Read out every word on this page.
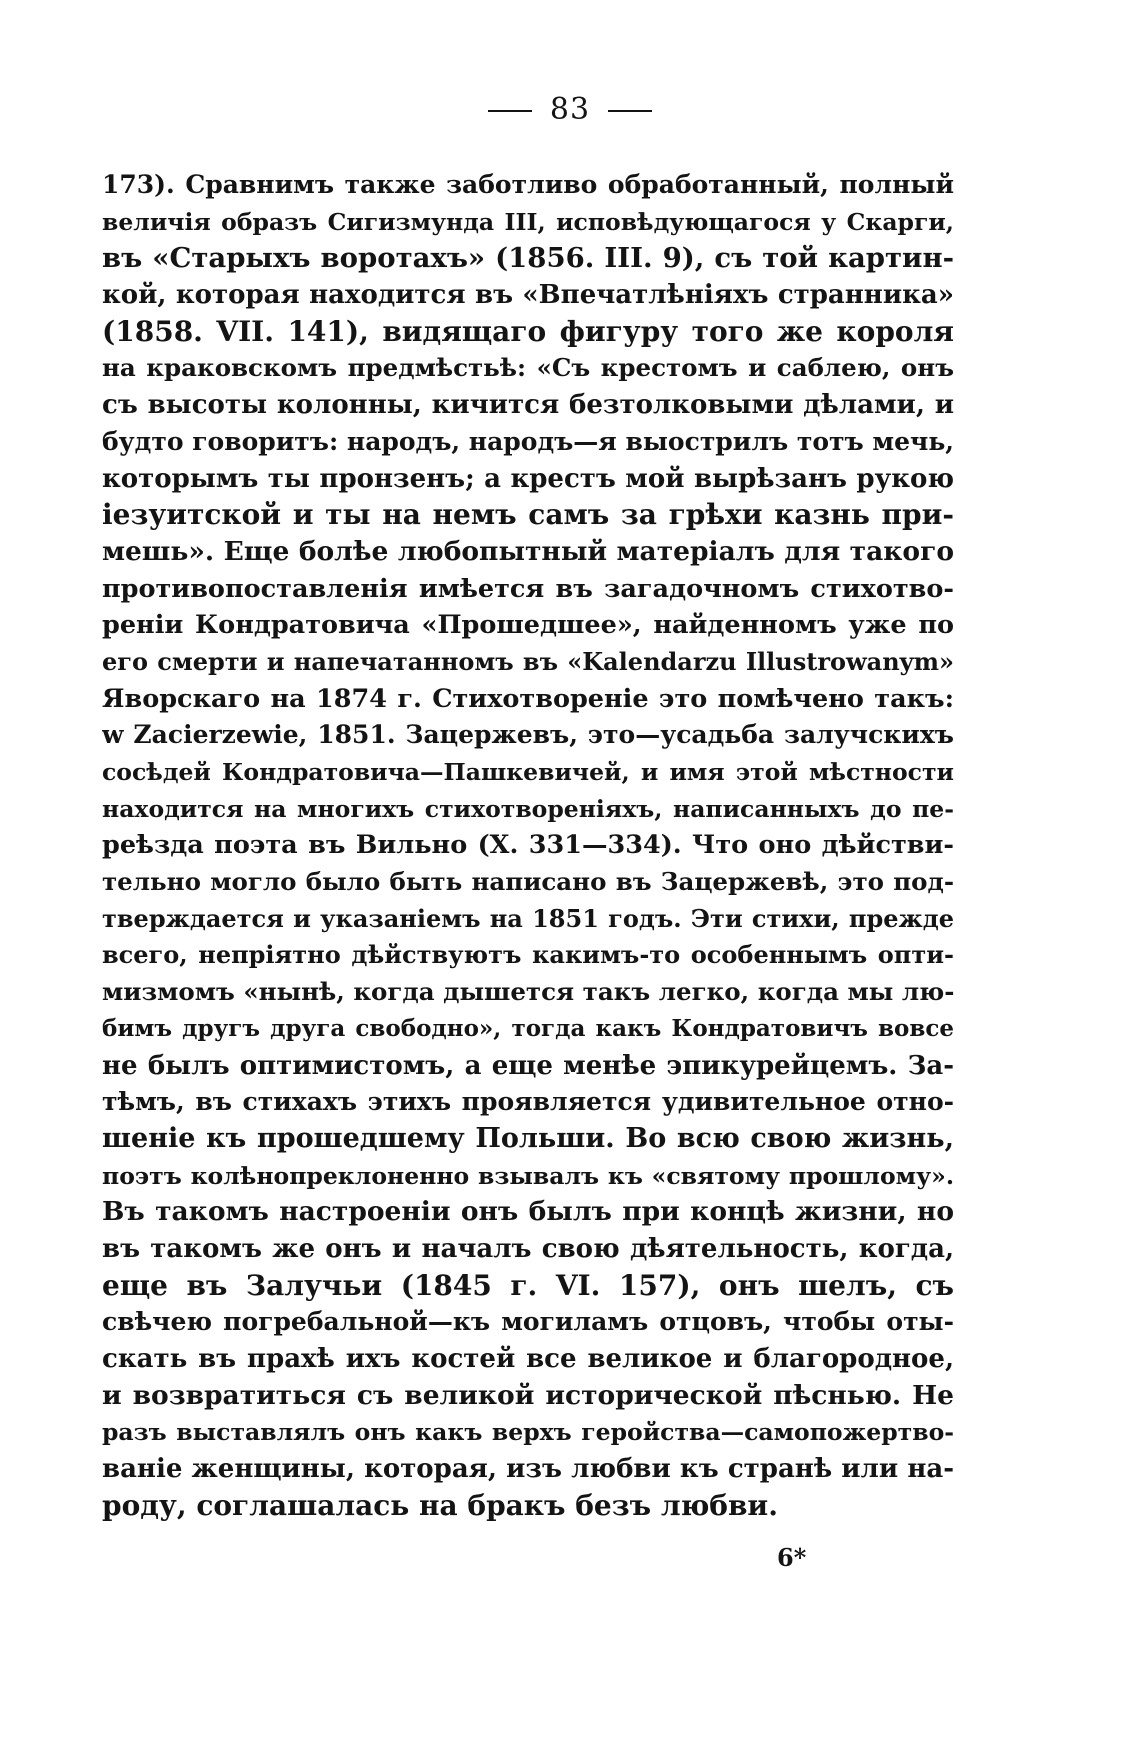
83
173). Сравнимъ также заботливо обработанный, полный
величія образъ Сигизмунда III, исповѣдующагося у Скарги,
въ «Старыхъ воротахъ» (1856. III. 9), съ той картин-
кой, которая находится въ «Впечатлѣніяхъ странника»
(1858. VII. 141), видящаго фигуру того же короля
на краковскомъ предмѣстьѣ: «Съ крестомъ и саблею, онъ
съ высоты колонны, кичится безтолковыми дѣлами, и
будто говоритъ: народъ, народъ—я выострилъ тотъ мечь,
которымъ ты пронзенъ; а крестъ мой вырѣзанъ рукою
іезуитской и ты на немъ самъ за грѣхи казнь при-
мешь». Еще болѣе любопытный матеріалъ для такого
противопоставленія имѣется въ загадочномъ стихотво-
реніи Кондратовича «Прошедшее», найденномъ уже по
его смерти и напечатанномъ въ «Kalendarzu Illustrowanym»
Яворскаго на 1874 г. Стихотвореніе это помѣчено такъ:
w Zacierzewie, 1851. Зацержевъ, это—усадьба залучскихъ
сосѣдей Кондратовича—Пашкевичей, и имя этой мѣстности
находится на многихъ стихотвореніяхъ, написанныхъ до пе-
реѣзда поэта въ Вильно (X. 331—334). Что оно дѣйстви-
тельно могло было быть написано въ Зацержевѣ, это под-
тверждается и указаніемъ на 1851 годъ. Эти стихи, прежде
всего, непріятно дѣйствуютъ какимъ-то особеннымъ опти-
мизмомъ «нынѣ, когда дышется такъ легко, когда мы лю-
бимъ другъ друга свободно», тогда какъ Кондратовичъ вовсе
не былъ оптимистомъ, а еще менѣе эпикурейцемъ. За-
тѣмъ, въ стихахъ этихъ проявляется удивительное отно-
шеніе къ прошедшему Польши. Во всю свою жизнь,
поэтъ колѣнопреклоненно взывалъ къ «святому прошлому».
Въ такомъ настроеніи онъ былъ при концѣ жизни, но
въ такомъ же онъ и началъ свою дѣятельность, когда,
еще въ Залучьи (1845 г. VI. 157), онъ шелъ, съ
свѣчею погребальной—къ могиламъ отцовъ, чтобы оты-
скать въ прахѣ ихъ костей все великое и благородное,
и возвратиться съ великой исторической пѣснью. Не
разъ выставлялъ онъ какъ верхъ геройства—самопожертво-
ваніе женщины, которая, изъ любви къ странѣ или на-
роду, соглашалась на бракъ безъ любви.
6*
